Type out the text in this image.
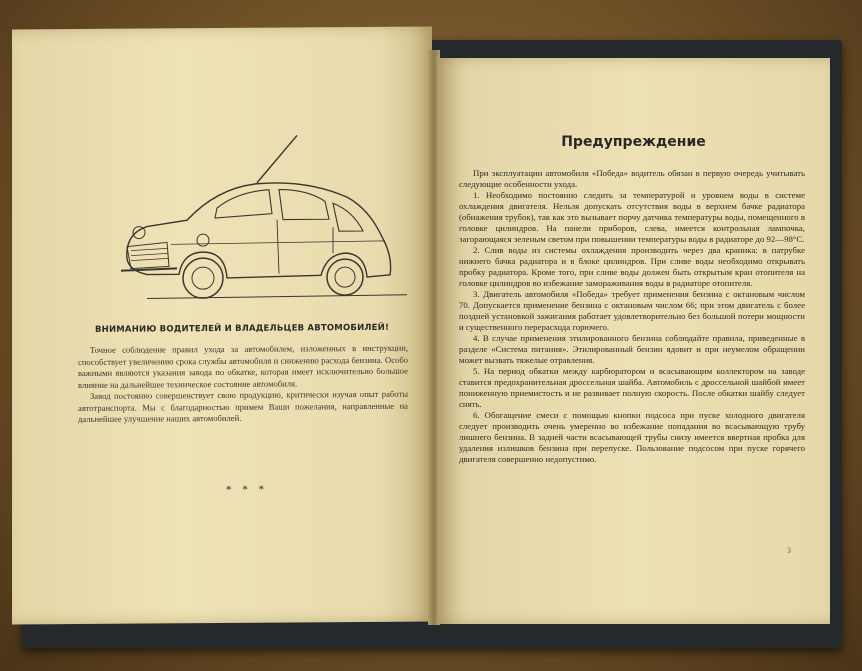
ВНИМАНИЮ ВОДИТЕЛЕЙ И ВЛАДЕЛЬЦЕВ АВТОМОБИЛЕЙ!

Точное соблюдение правил ухода за автомобилем, изложенных в инструкции, способствует увеличению срока службы автомобиля и снижению расхода бензина. Особо важными являются указания завода по обкатке, которая имеет исключительно большое влияние на дальнейшее техническое состояние автомобиля.

Завод постоянно совершенствует свою продукцию, критически изучая опыт работы автотранспорта. Мы с благодарностью примем Ваши пожелания, направленные на дальнейшее улучшение наших автомобилей.

* * *
Предупреждение

При эксплуатации автомобиля «Победа» водитель обязан в первую очередь учитывать следующие особенности ухода.

1. Необходимо постоянно следить за температурой и уровнем воды в системе охлаждения двигателя. Нельзя допускать отсутствия воды в верхнем бачке радиатора (обнажения трубок), так как это вызывает порчу датчика температуры воды, помещенного в головке цилиндров. На панели приборов, слева, имеется контрольная лампочка, загорающаяся зеленым светом при повышении температуры воды в радиаторе до 92—98°С.

2. Слив воды из системы охлаждения производить через два краника: в патрубке нижнего бачка радиатора и в блоке цилиндров. При сливе воды необходимо открывать пробку радиатора. Кроме того, при сливе воды должен быть открытым кран отопителя на головке цилиндров во избежание замораживания воды в радиаторе отопителя.

3. Двигатель автомобиля «Победа» требует применения бензина с октановым числом 70. Допускается применение бензина с октановым числом 66; при этом двигатель с более поздней установкой зажигания работает удовлетворительно без большой потери мощности и существенного перерасхода горючего.

4. В случае применения этилированного бензина соблюдайте правила, приведенные в разделе «Система питания». Этилированный бензин ядовит и при неумелом обращении может вызвать тяжелые отравления.

5. На период обкатки между карбюратором и всасывающим коллектором на заводе ставится предохранительная дроссельная шайба. Автомобиль с дроссельной шайбой имеет пониженную приемистость и не развивает полную скорость. После обкатки шайбу следует снять.

6. Обогащение смеси с помощью кнопки подсоса при пуске холодного двигателя следует производить очень умеренно во избежание попадания во всасывающую трубу лишнего бензина. В задней части всасывающей трубы снизу имеется ввертная пробка для удаления излишков бензина при перепуске. Пользование подсосом при пуске горячего двигателя совершенно недопустимо.

3
